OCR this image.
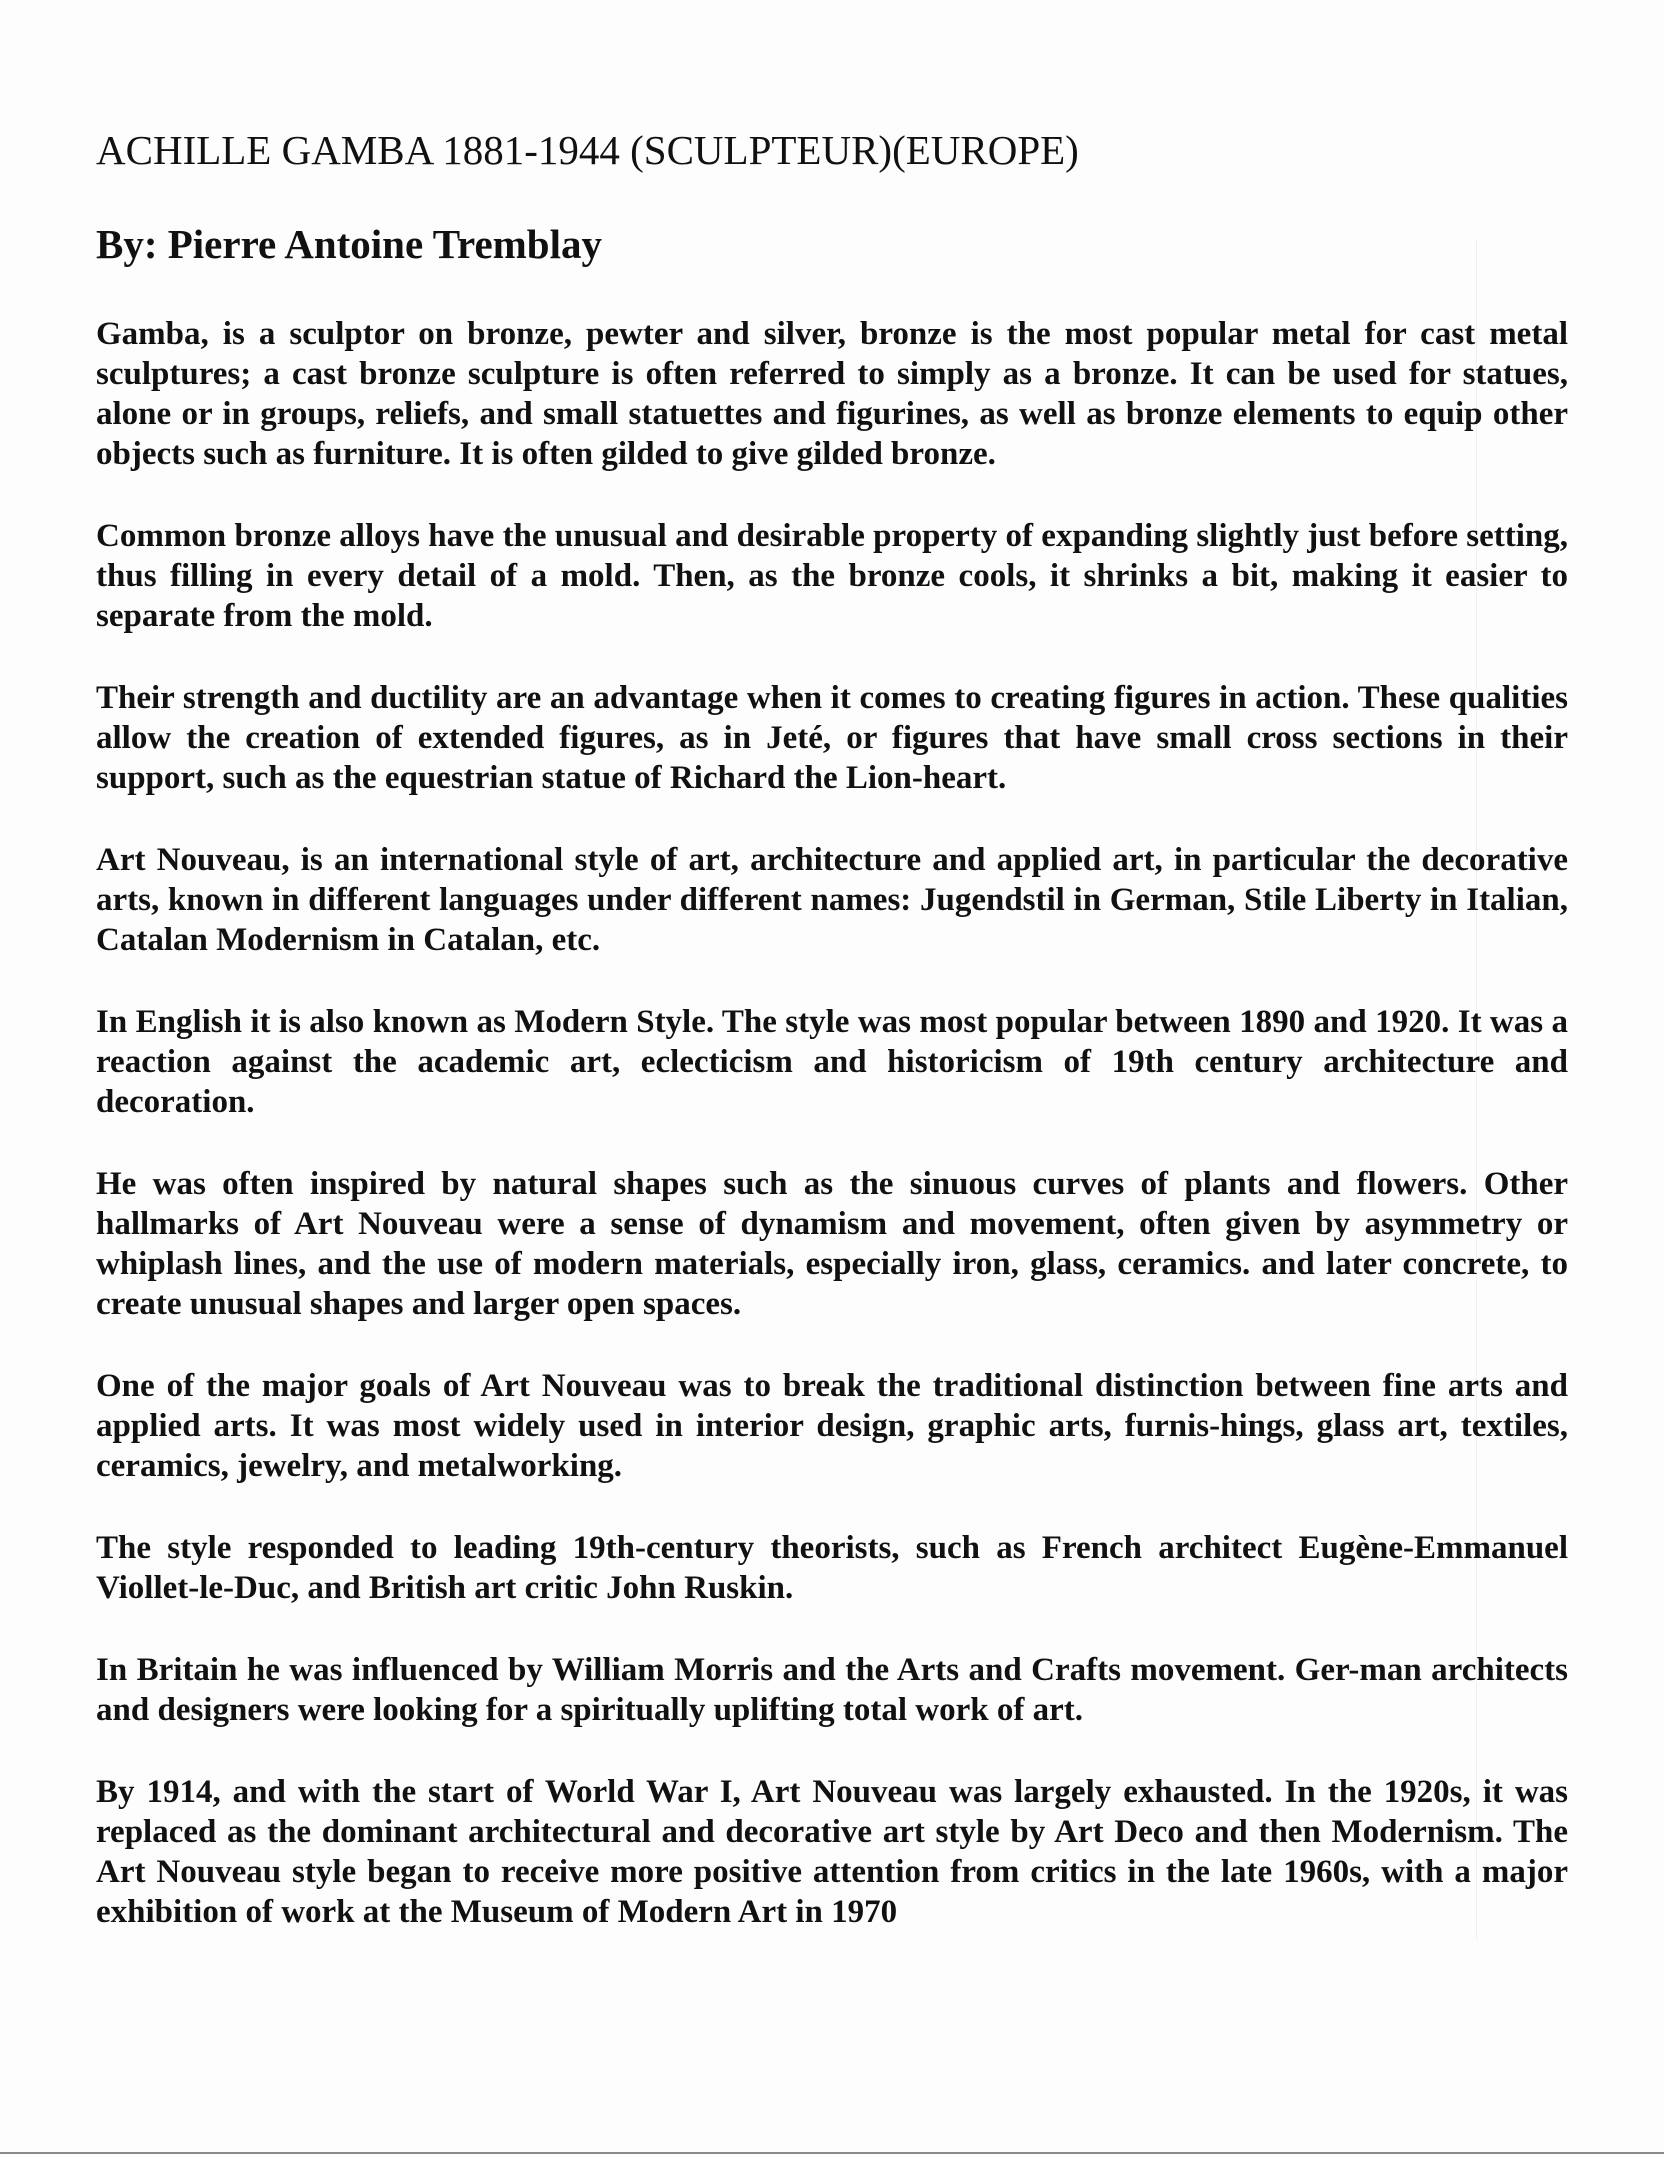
ACHILLE GAMBA 1881-1944 (SCULPTEUR)(EUROPE)
By: Pierre Antoine Tremblay

Gamba, is a sculptor on bronze, pewter and silver, bronze is the most popular metal for cast metal sculptures; a cast bronze sculpture is often referred to simply as a bronze. It can be used for statues, alone or in groups, reliefs, and small statuettes and figurines, as well as bronze elements to equip other objects such as furniture. It is often gilded to give gilded bronze.

Common bronze alloys have the unusual and desirable property of expanding slightly just before setting, thus filling in every detail of a mold. Then, as the bronze cools, it shrinks a bit, making it easier to separate from the mold.

Their strength and ductility are an advantage when it comes to creating figures in action. These qualities allow the creation of extended figures, as in Jeté, or figures that have small cross sections in their support, such as the equestrian statue of Richard the Lion-heart.

Art Nouveau, is an international style of art, architecture and applied art, in particular the decorative arts, known in different languages under different names: Jugendstil in German, Stile Liberty in Italian, Catalan Modernism in Catalan, etc.

In English it is also known as Modern Style. The style was most popular between 1890 and 1920. It was a reaction against the academic art, eclecticism and historicism of 19th century architecture and decoration.

He was often inspired by natural shapes such as the sinuous curves of plants and flowers. Other hallmarks of Art Nouveau were a sense of dynamism and movement, often given by asymmetry or whiplash lines, and the use of modern materials, especially iron, glass, ceramics. and later concrete, to create unusual shapes and larger open spaces.

One of the major goals of Art Nouveau was to break the traditional distinction between fine arts and applied arts. It was most widely used in interior design, graphic arts, furnis-hings, glass art, textiles, ceramics, jewelry, and metalworking.

The style responded to leading 19th-century theorists, such as French architect Eugène-Emmanuel Viollet-le-Duc, and British art critic John Ruskin.

In Britain he was influenced by William Morris and the Arts and Crafts movement. Ger-man architects and designers were looking for a spiritually uplifting total work of art.

By 1914, and with the start of World War I, Art Nouveau was largely exhausted. In the 1920s, it was replaced as the dominant architectural and decorative art style by Art Deco and then Modernism. The Art Nouveau style began to receive more positive attention from critics in the late 1960s, with a major exhibition of work at the Museum of Modern Art in 1970
